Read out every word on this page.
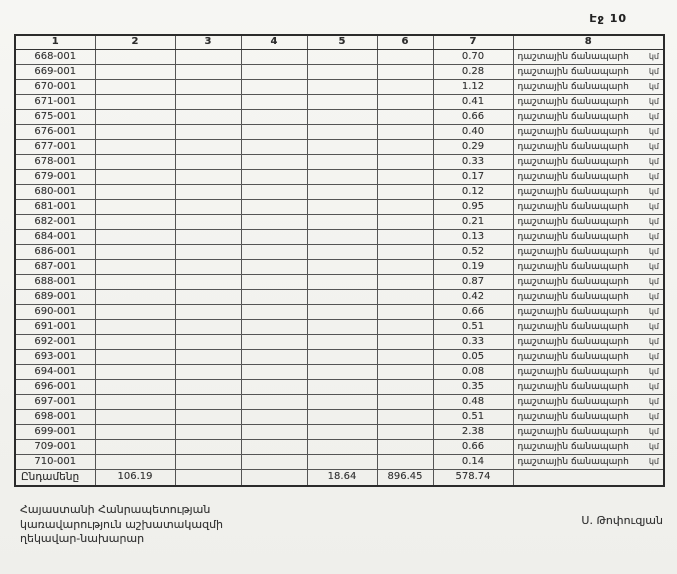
Էջ 10
1	2	3	4	5	6	7	8
668-001						0.70	դաշտային ճանապարհ կմ

669-001						0.28	դաշտային ճանապարհ կմ

670-001						1.12	դաշտային ճանապարհ կմ

671-001						0.41	դաշտային ճանապարհ կմ

675-001						0.66	դաշտային ճանապարհ կմ

676-001						0.40	դաշտային ճանապարհ կմ

677-001						0.29	դաշտային ճանապարհ կմ

678-001						0.33	դաշտային ճանապարհ կմ

679-001						0.17	դաշտային ճանապարհ կմ

680-001						0.12	դաշտային ճանապարհ կմ

681-001						0.95	դաշտային ճանապարհ կմ

682-001						0.21	դաշտային ճանապարհ կմ

684-001						0.13	դաշտային ճանապարհ կմ

686-001						0.52	դաշտային ճանապարհ կմ

687-001						0.19	դաշտային ճանապարհ կմ

688-001						0.87	դաշտային ճանապարհ կմ

689-001						0.42	դաշտային ճանապարհ կմ

690-001						0.66	դաշտային ճանապարհ կմ

691-001						0.51	դաշտային ճանապարհ կմ

692-001						0.33	դաշտային ճանապարհ կմ

693-001						0.05	դաշտային ճանապարհ կմ

694-001						0.08	դաշտային ճանապարհ կմ

696-001						0.35	դաշտային ճանապարհ կմ

697-001						0.48	դաշտային ճանապարհ կմ

698-001						0.51	դաշտային ճանապարհ կմ

699-001						2.38	դաշտային ճանապարհ կմ

709-001						0.66	դաշտային ճանապարհ կմ

710-001						0.14	դաշտային ճանապարհ կմ

Ընդամենը	106.19			18.64	896.45	578.74	
Հայաստանի Հանրապետության
կառավարություն աշխատակազմի
ղեկավար-նախարար
Ս. Թոփուզյան
